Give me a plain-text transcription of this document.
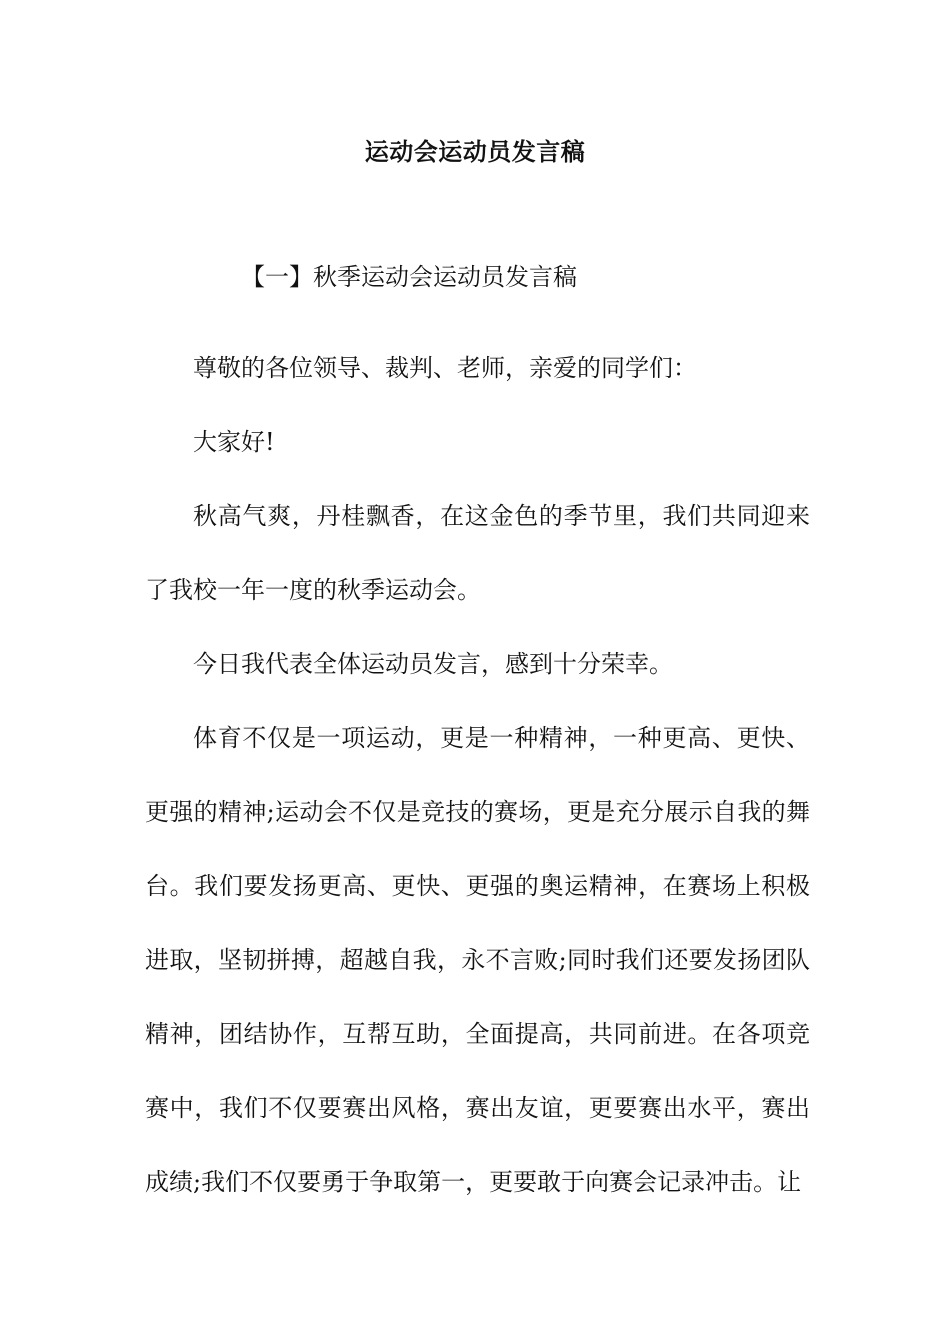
运动会运动员发言稿
【一】秋季运动会运动员发言稿

尊敬的各位领导、裁判、老师，亲爱的同学们：

大家好!

秋高气爽，丹桂飘香，在这金色的季节里，我们共同迎来了我校一年一度的秋季运动会。

今日我代表全体运动员发言，感到十分荣幸。

体育不仅是一项运动，更是一种精神，一种更高、更快、更强的精神;运动会不仅是竞技的赛场，更是充分展示自我的舞台。我们要发扬更高、更快、更强的奥运精神，在赛场上积极进取，坚韧拼搏，超越自我，永不言败;同时我们还要发扬团队精神，团结协作，互帮互助，全面提高，共同前进。在各项竞赛中，我们不仅要赛出风格，赛出友谊，更要赛出水平，赛出成绩;我们不仅要勇于争取第一，更要敢于向赛会记录冲击。让
